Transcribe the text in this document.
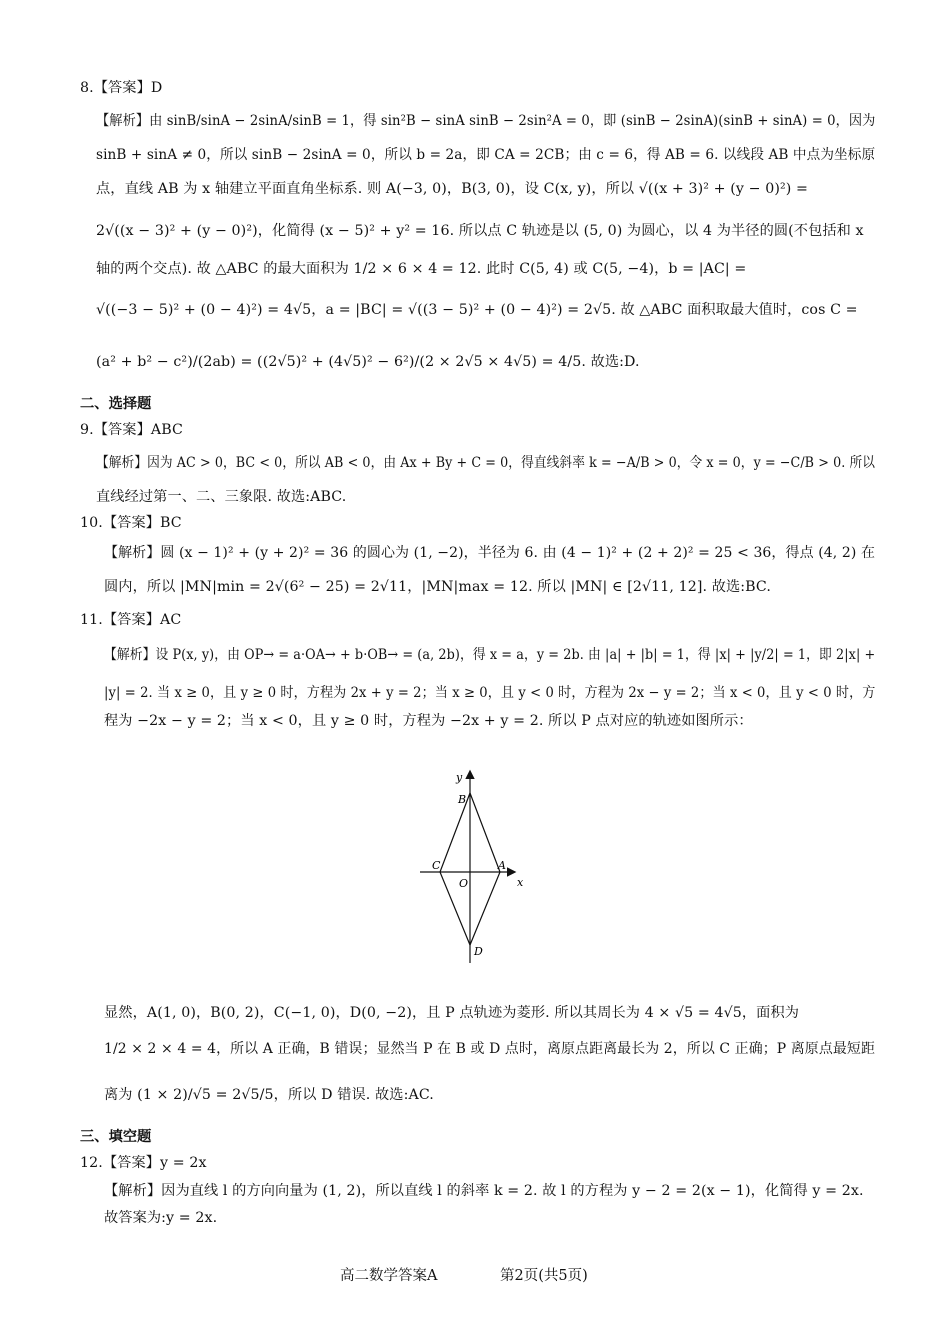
8.【答案】D
【解析】由 sinB/sinA − 2sinA/sinB = 1，得 sin²B − sinA sinB − 2sin²A = 0，即 (sinB − 2sinA)(sinB + sinA) = 0，因为
sinB + sinA ≠ 0，所以 sinB − 2sinA = 0，所以 b = 2a，即 CA = 2CB；由 c = 6，得 AB = 6. 以线段 AB 中点为坐标原
点，直线 AB 为 x 轴建立平面直角坐标系. 则 A(−3, 0)，B(3, 0)，设 C(x, y)，所以 √((x + 3)² + (y − 0)²) =
2√((x − 3)² + (y − 0)²)，化简得 (x − 5)² + y² = 16. 所以点 C 轨迹是以 (5, 0) 为圆心，以 4 为半径的圆(不包括和 x
轴的两个交点). 故 △ABC 的最大面积为 1/2 × 6 × 4 = 12. 此时 C(5, 4) 或 C(5, −4)，b = |AC| =
√((−3 − 5)² + (0 − 4)²) = 4√5，a = |BC| = √((3 − 5)² + (0 − 4)²) = 2√5. 故 △ABC 面积取最大值时，cos C =
(a² + b² − c²)/(2ab) = ((2√5)² + (4√5)² − 6²)/(2 × 2√5 × 4√5) = 4/5. 故选:D.
二、选择题
9.【答案】ABC
【解析】因为 AC > 0，BC < 0，所以 AB < 0，由 Ax + By + C = 0，得直线斜率 k = −A/B > 0，令 x = 0，y = −C/B > 0. 所以
直线经过第一、二、三象限. 故选:ABC.
10.【答案】BC
【解析】圆 (x − 1)² + (y + 2)² = 36 的圆心为 (1, −2)，半径为 6. 由 (4 − 1)² + (2 + 2)² = 25 < 36，得点 (4, 2) 在
圆内，所以 |MN|min = 2√(6² − 25) = 2√11，|MN|max = 12. 所以 |MN| ∈ [2√11, 12]. 故选:BC.
11.【答案】AC
【解析】设 P(x, y)，由 OP→ = a·OA→ + b·OB→ = (a, 2b)，得 x = a，y = 2b. 由 |a| + |b| = 1，得 |x| + |y/2| = 1，即 2|x| +
|y| = 2. 当 x ≥ 0，且 y ≥ 0 时，方程为 2x + y = 2；当 x ≥ 0，且 y < 0 时，方程为 2x − y = 2；当 x < 0，且 y < 0 时，方
程为 −2x − y = 2；当 x < 0，且 y ≥ 0 时，方程为 −2x + y = 2. 所以 P 点对应的轨迹如图所示：
y
x
B
C	A
O
D
显然，A(1, 0)，B(0, 2)，C(−1, 0)，D(0, −2)，且 P 点轨迹为菱形. 所以其周长为 4 × √5 = 4√5，面积为
1/2 × 2 × 4 = 4，所以 A 正确，B 错误；显然当 P 在 B 或 D 点时，离原点距离最长为 2，所以 C 正确；P 离原点最短距
离为 (1 × 2)/√5 = 2√5/5，所以 D 错误. 故选:AC.
三、填空题
12.【答案】y = 2x
【解析】因为直线 l 的方向向量为 (1, 2)，所以直线 l 的斜率 k = 2. 故 l 的方程为 y − 2 = 2(x − 1)，化简得 y = 2x.
故答案为:y = 2x.
高二数学答案A	第2页(共5页)
